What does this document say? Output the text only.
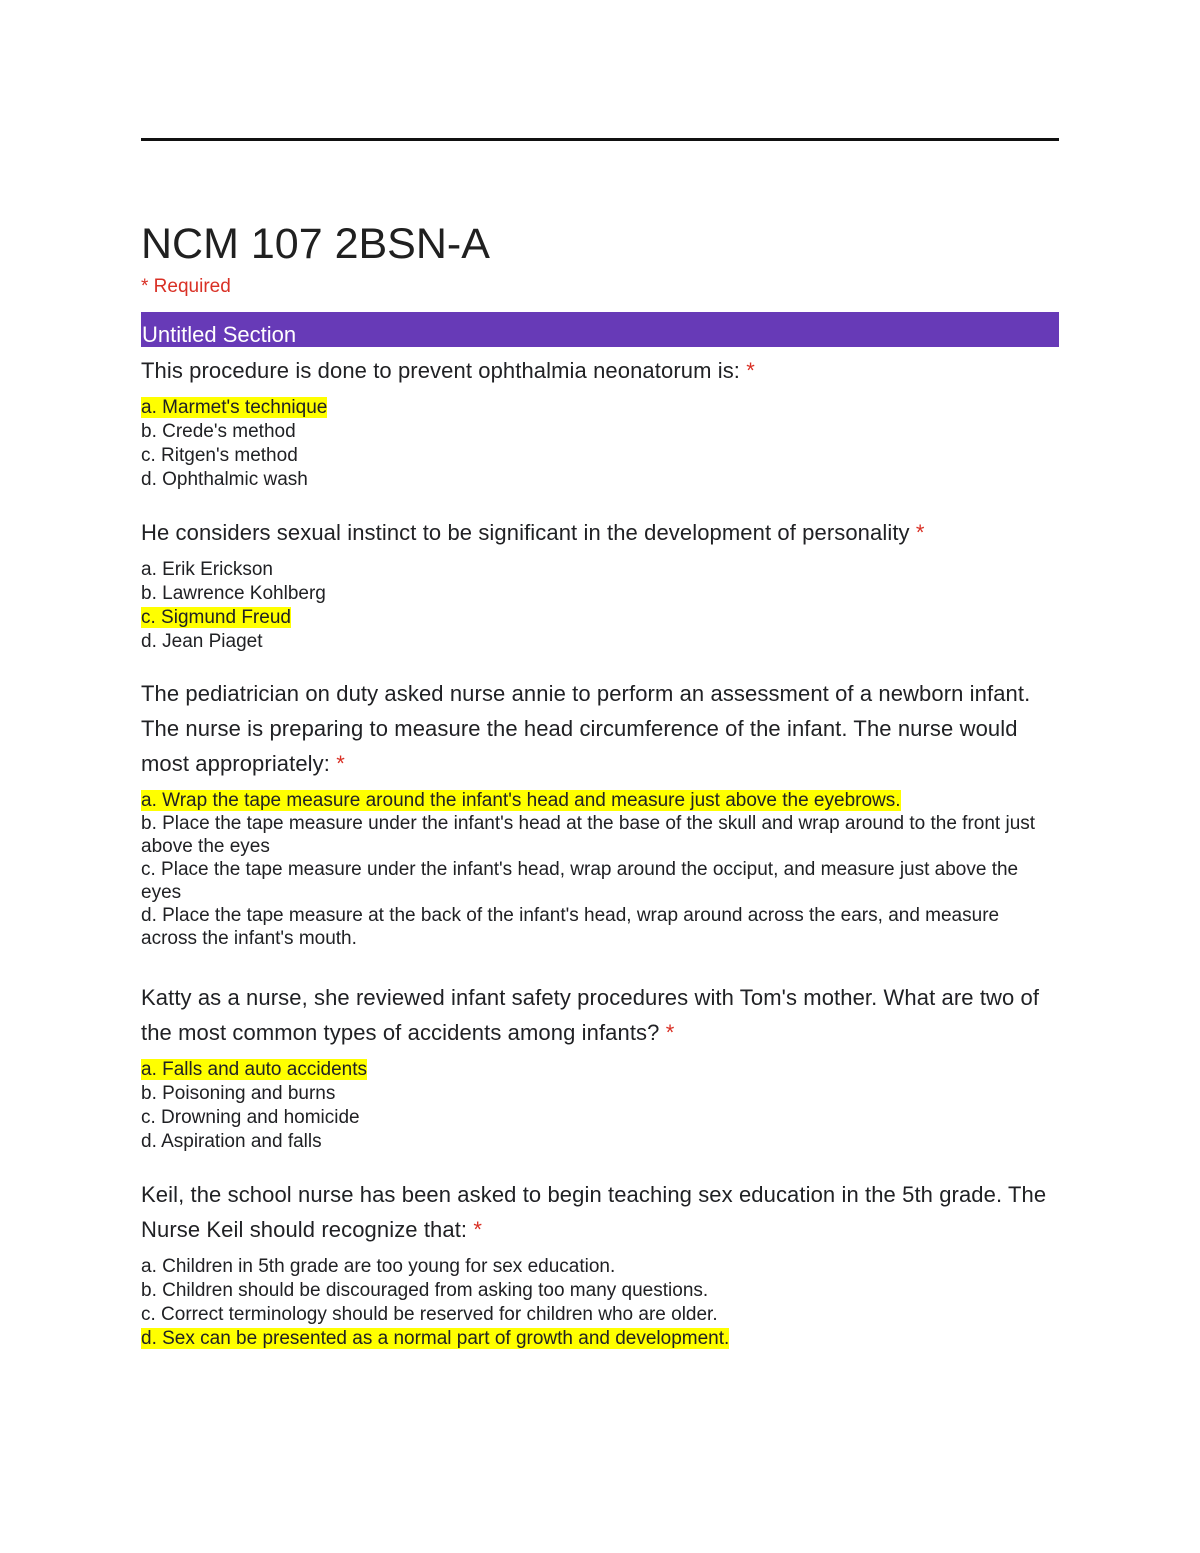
NCM 107 2BSN-A
* Required
Untitled Section

This procedure is done to prevent ophthalmia neonatorum is: *

a. Marmet's technique
b. Crede's method
c. Ritgen's method
d. Ophthalmic wash

He considers sexual instinct to be significant in the development of personality *

a. Erik Erickson
b. Lawrence Kohlberg
c. Sigmund Freud
d. Jean Piaget

The pediatrician on duty asked nurse annie to perform an assessment of a newborn infant. The nurse is preparing to measure the head circumference of the infant. The nurse would most appropriately: *

a. Wrap the tape measure around the infant's head and measure just above the eyebrows.
b. Place the tape measure under the infant's head at the base of the skull and wrap around to the front just above the eyes
c. Place the tape measure under the infant's head, wrap around the occiput, and measure just above the eyes
d. Place the tape measure at the back of the infant's head, wrap around across the ears, and measure across the infant's mouth.

Katty as a nurse, she reviewed infant safety procedures with Tom's mother. What are two of the most common types of accidents among infants? *

a. Falls and auto accidents
b. Poisoning and burns
c. Drowning and homicide
d. Aspiration and falls

Keil, the school nurse has been asked to begin teaching sex education in the 5th grade. The Nurse Keil should recognize that: *

a. Children in 5th grade are too young for sex education.
b. Children should be discouraged from asking too many questions.
c. Correct terminology should be reserved for children who are older.
d. Sex can be presented as a normal part of growth and development.
